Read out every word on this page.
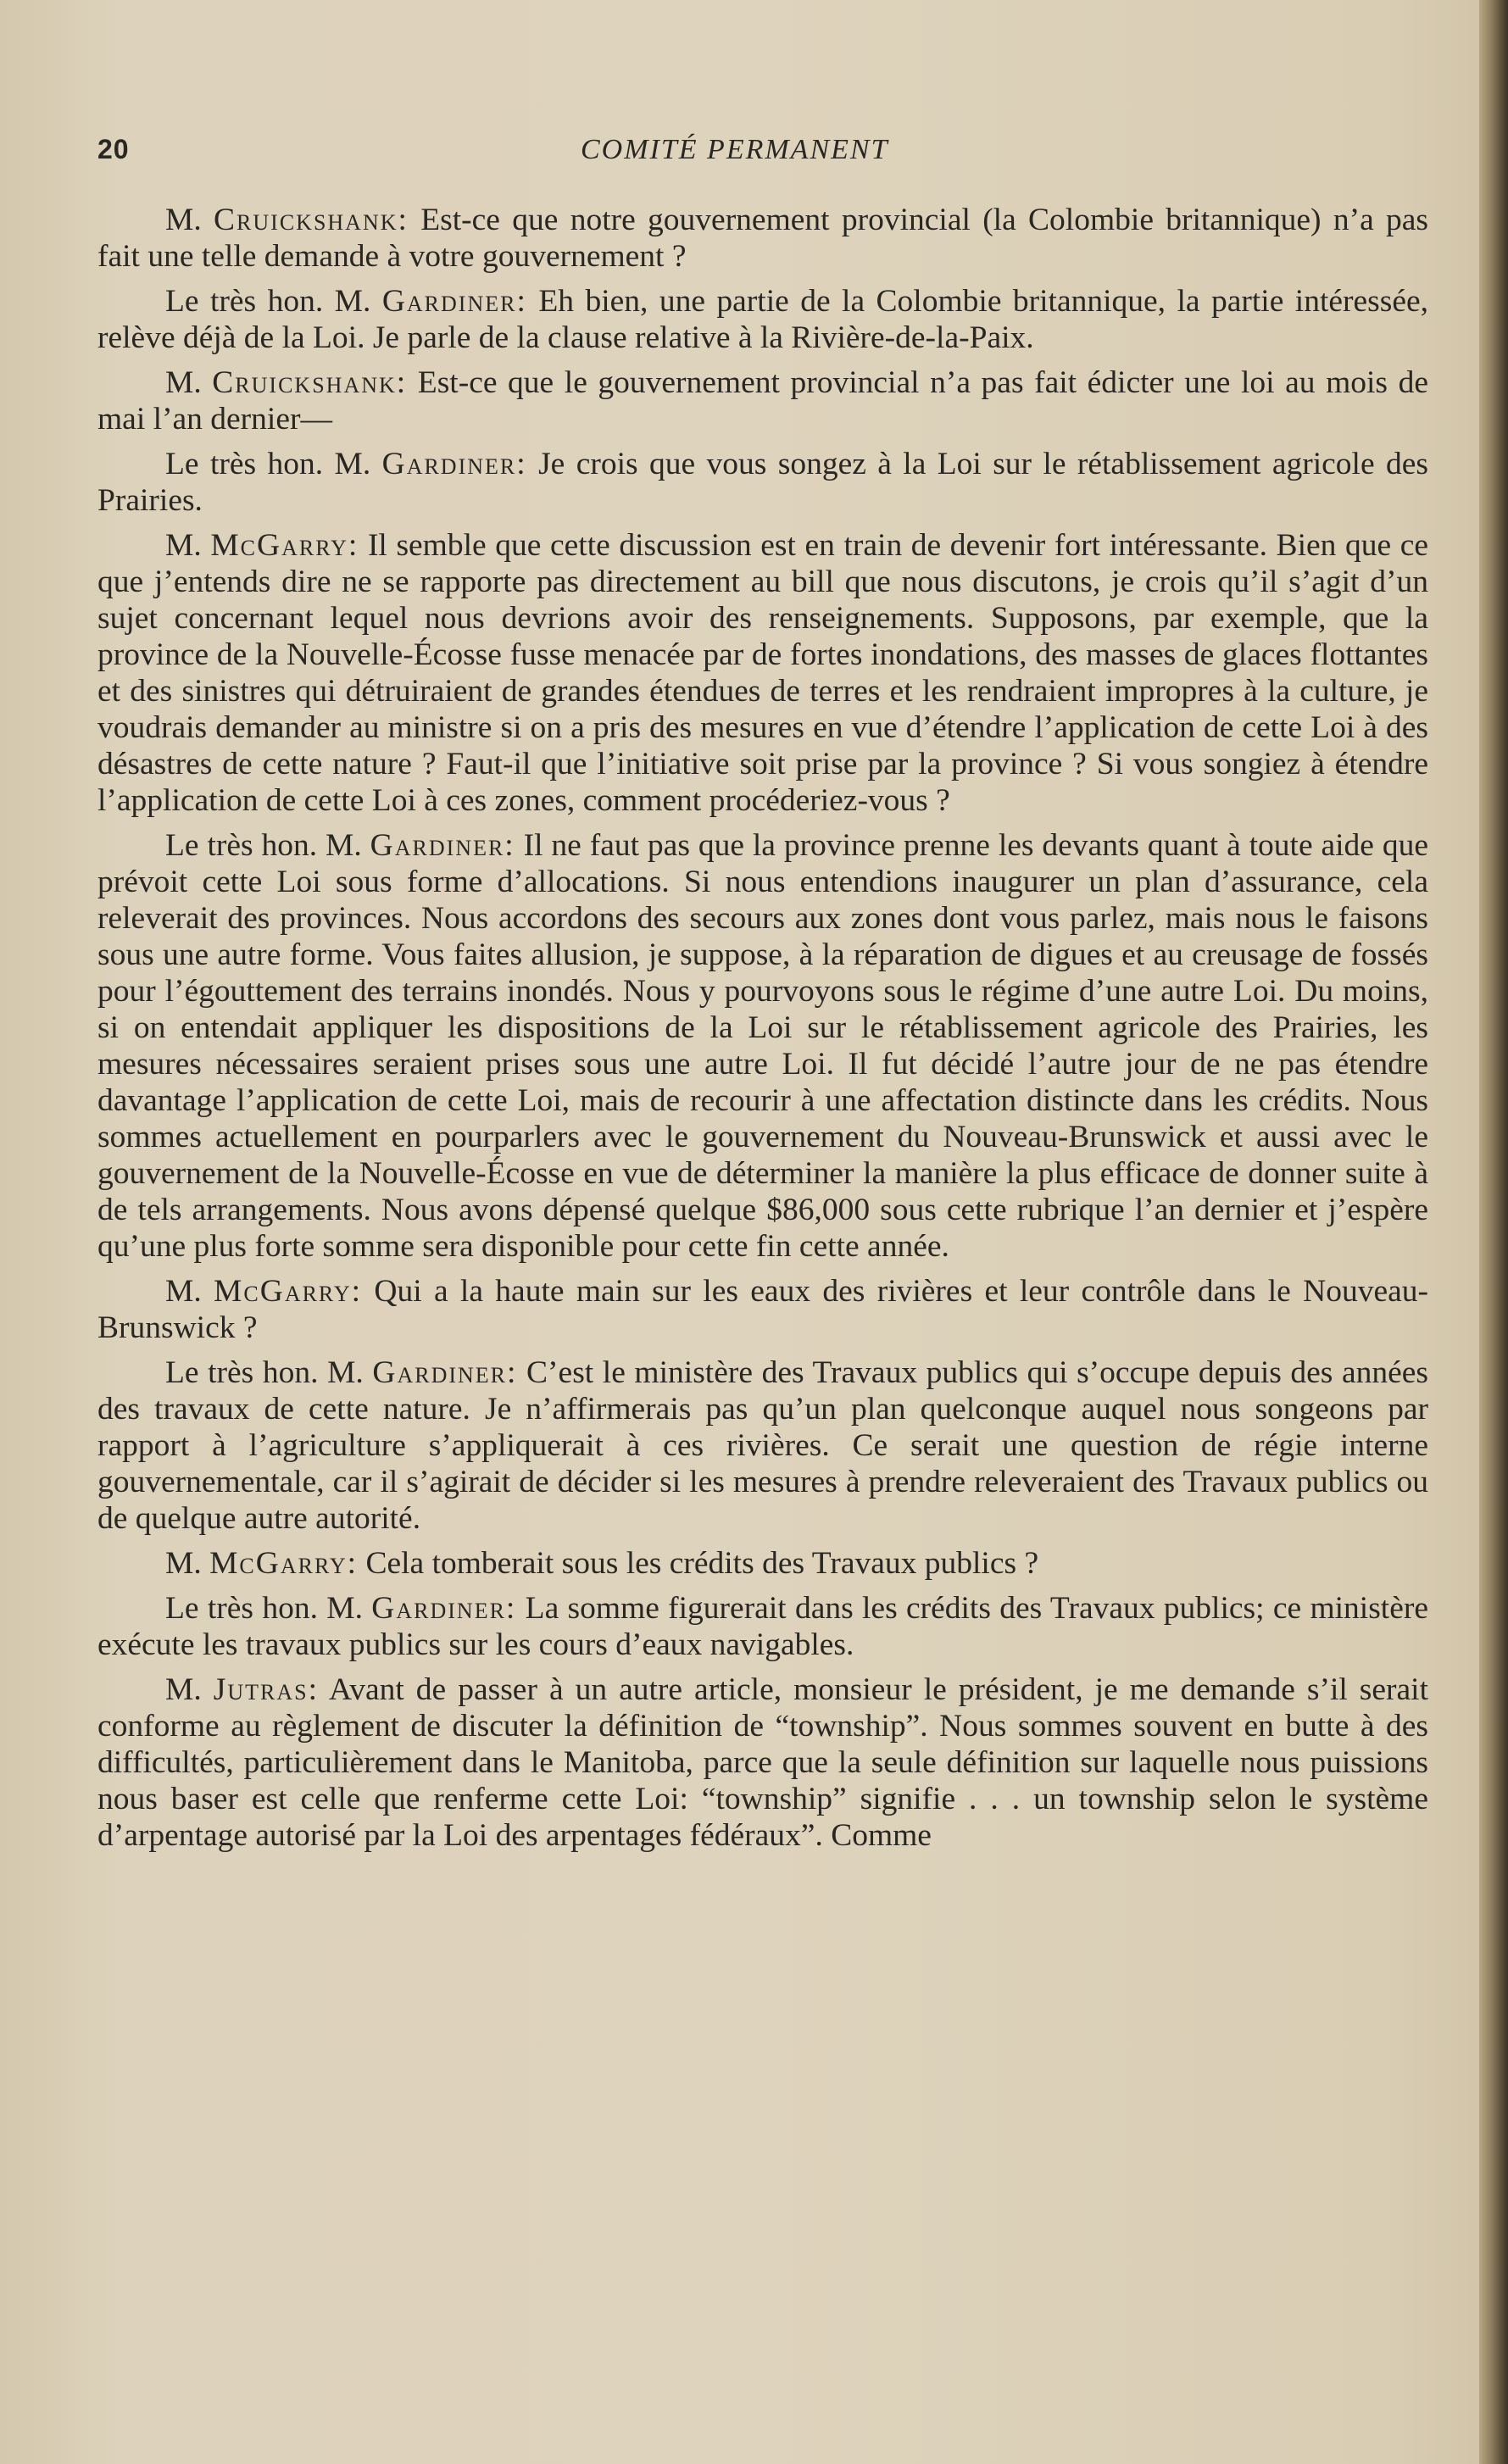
20	COMITÉ PERMANENT

M. Cruickshank: Est-ce que notre gouvernement provincial (la Colombie britannique) n’a pas fait une telle demande à votre gouvernement ?

Le très hon. M. Gardiner: Eh bien, une partie de la Colombie britannique, la partie intéressée, relève déjà de la Loi. Je parle de la clause relative à la Rivière-de-la-Paix.

M. Cruickshank: Est-ce que le gouvernement provincial n’a pas fait édicter une loi au mois de mai l’an dernier—

Le très hon. M. Gardiner: Je crois que vous songez à la Loi sur le rétablissement agricole des Prairies.

M. McGarry: Il semble que cette discussion est en train de devenir fort intéressante. Bien que ce que j’entends dire ne se rapporte pas directement au bill que nous discutons, je crois qu’il s’agit d’un sujet concernant lequel nous devrions avoir des renseignements. Supposons, par exemple, que la province de la Nouvelle-Écosse fusse menacée par de fortes inondations, des masses de glaces flottantes et des sinistres qui détruiraient de grandes étendues de terres et les rendraient impropres à la culture, je voudrais demander au ministre si on a pris des mesures en vue d’étendre l’application de cette Loi à des désastres de cette nature ? Faut-il que l’initiative soit prise par la province ? Si vous songiez à étendre l’application de cette Loi à ces zones, comment procéderiez-vous ?

Le très hon. M. Gardiner: Il ne faut pas que la province prenne les devants quant à toute aide que prévoit cette Loi sous forme d’allocations. Si nous entendions inaugurer un plan d’assurance, cela releverait des provinces. Nous accordons des secours aux zones dont vous parlez, mais nous le faisons sous une autre forme. Vous faites allusion, je suppose, à la réparation de digues et au creusage de fossés pour l’égouttement des terrains inondés. Nous y pourvoyons sous le régime d’une autre Loi. Du moins, si on entendait appliquer les dispositions de la Loi sur le rétablissement agricole des Prairies, les mesures nécessaires seraient prises sous une autre Loi. Il fut décidé l’autre jour de ne pas étendre davantage l’application de cette Loi, mais de recourir à une affectation distincte dans les crédits. Nous sommes actuellement en pourparlers avec le gouvernement du Nouveau-Brunswick et aussi avec le gouvernement de la Nouvelle-Écosse en vue de déterminer la manière la plus efficace de donner suite à de tels arrangements. Nous avons dépensé quelque $86,000 sous cette rubrique l’an dernier et j’espère qu’une plus forte somme sera disponible pour cette fin cette année.

M. McGarry: Qui a la haute main sur les eaux des rivières et leur contrôle dans le Nouveau-Brunswick ?

Le très hon. M. Gardiner: C’est le ministère des Travaux publics qui s’occupe depuis des années des travaux de cette nature. Je n’affirmerais pas qu’un plan quelconque auquel nous songeons par rapport à l’agriculture s’appliquerait à ces rivières. Ce serait une question de régie interne gouvernementale, car il s’agirait de décider si les mesures à prendre releveraient des Travaux publics ou de quelque autre autorité.

M. McGarry: Cela tomberait sous les crédits des Travaux publics ?

Le très hon. M. Gardiner: La somme figurerait dans les crédits des Travaux publics; ce ministère exécute les travaux publics sur les cours d’eaux navigables.

M. Jutras: Avant de passer à un autre article, monsieur le président, je me demande s’il serait conforme au règlement de discuter la définition de “township”. Nous sommes souvent en butte à des difficultés, particulièrement dans le Manitoba, parce que la seule définition sur laquelle nous puissions nous baser est celle que renferme cette Loi: “township” signifie . . . un township selon le système d’arpentage autorisé par la Loi des arpentages fédéraux”. Comme
